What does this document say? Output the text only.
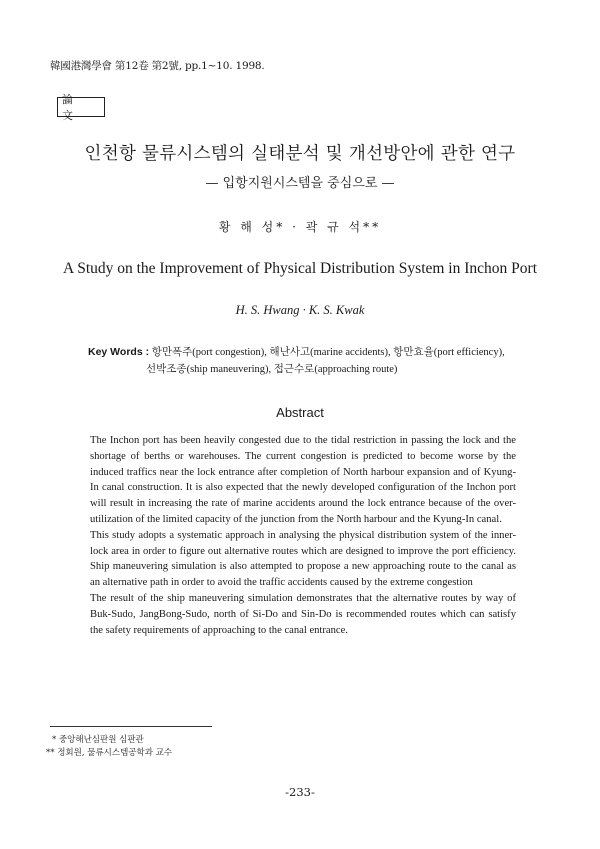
韓國港灣學會 第12卷 第2號, pp.1~10. 1998.
論 文
인천항 물류시스템의 실태분석 및 개선방안에 관한 연구
— 입항지원시스템을 중심으로 —
황 해 성* · 곽 규 석**
A Study on the Improvement of Physical Distribution System in Inchon Port
H. S. Hwang · K. S. Kwak
Key Words : 항만폭주(port congestion), 해난사고(marine accidents), 항만효율(port efficiency),
선박조종(ship maneuvering), 접근수로(approaching route)
Abstract

The Inchon port has been heavily congested due to the tidal restriction in passing the lock and the shortage of berths or warehouses. The current congestion is predicted to become worse by the induced traffics near the lock entrance after completion of North harbour expansion and of Kyung-In canal construction. It is also expected that the newly developed configuration of the Inchon port will result in increasing the rate of marine accidents around the lock entrance because of the over-utilization of the limited capacity of the junction from the North harbour and the Kyung-In canal.

This study adopts a systematic approach in analysing the physical distribution system of the inner-lock area in order to figure out alternative routes which are designed to improve the port efficiency. Ship maneuvering simulation is also attempted to propose a new approaching route to the canal as an alternative path in order to avoid the traffic accidents caused by the extreme congestion

The result of the ship maneuvering simulation demonstrates that the alternative routes by way of Buk-Sudo, JangBong-Sudo, north of Si-Do and Sin-Do is recommended routes which can satisfy the safety requirements of approaching to the canal entrance.

* 중앙해난심판원 심판관
** 정회원, 물류시스템공학과 교수
-233-
